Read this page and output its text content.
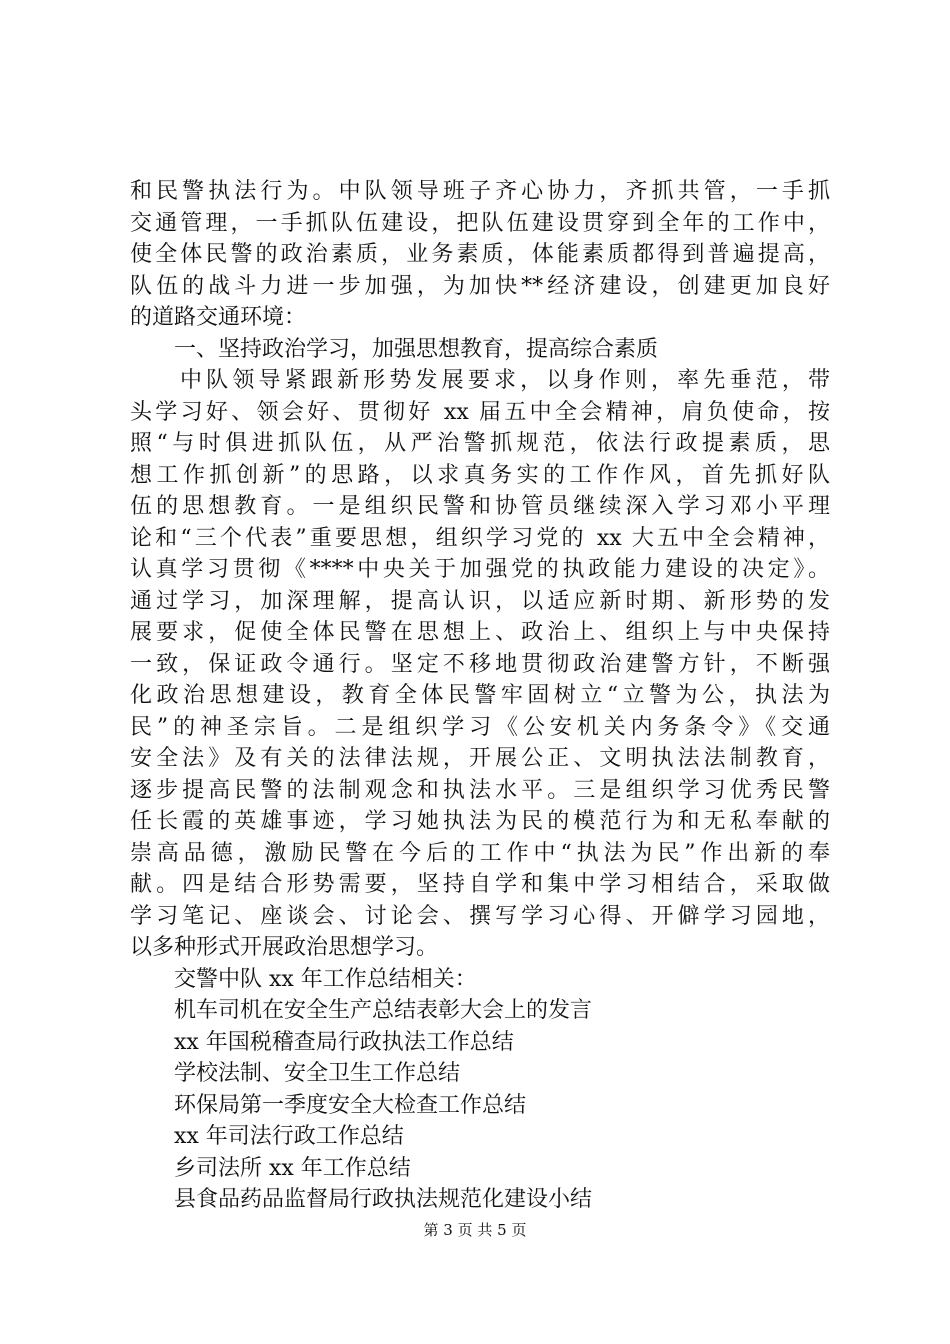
和民警执法行为。中队领导班子齐心协力，齐抓共管，一手抓
交通管理，一手抓队伍建设，把队伍建设贯穿到全年的工作中，
使全体民警的政治素质，业务素质，体能素质都得到普遍提高，
队伍的战斗力进一步加强，为加快**经济建设，创建更加良好
的道路交通环境：
一、坚持政治学习，加强思想教育，提高综合素质
中队领导紧跟新形势发展要求，以身作则，率先垂范，带
头学习好、领会好、贯彻好 xx 届五中全会精神，肩负使命，按
照“与时俱进抓队伍，从严治警抓规范，依法行政提素质，思
想工作抓创新”的思路，以求真务实的工作作风，首先抓好队
伍的思想教育。一是组织民警和协管员继续深入学习邓小平理
论和“三个代表”重要思想，组织学习党的 xx 大五中全会精神，
认真学习贯彻《****中央关于加强党的执政能力建设的决定》。
通过学习，加深理解，提高认识，以适应新时期、新形势的发
展要求，促使全体民警在思想上、政治上、组织上与中央保持
一致，保证政令通行。坚定不移地贯彻政治建警方针，不断强
化政治思想建设，教育全体民警牢固树立“立警为公，执法为
民”的神圣宗旨。二是组织学习《公安机关内务条令》《交通
安全法》及有关的法律法规，开展公正、文明执法法制教育，
逐步提高民警的法制观念和执法水平。三是组织学习优秀民警
任长霞的英雄事迹，学习她执法为民的模范行为和无私奉献的
崇高品德，激励民警在今后的工作中“执法为民”作出新的奉
献。四是结合形势需要，坚持自学和集中学习相结合，采取做
学习笔记、座谈会、讨论会、撰写学习心得、开僻学习园地，
以多种形式开展政治思想学习。
交警中队 xx 年工作总结相关：
机车司机在安全生产总结表彰大会上的发言
xx 年国税稽查局行政执法工作总结
学校法制、安全卫生工作总结
环保局第一季度安全大检查工作总结
xx 年司法行政工作总结
乡司法所 xx 年工作总结
县食品药品监督局行政执法规范化建设小结
第 3 页 共 5 页
